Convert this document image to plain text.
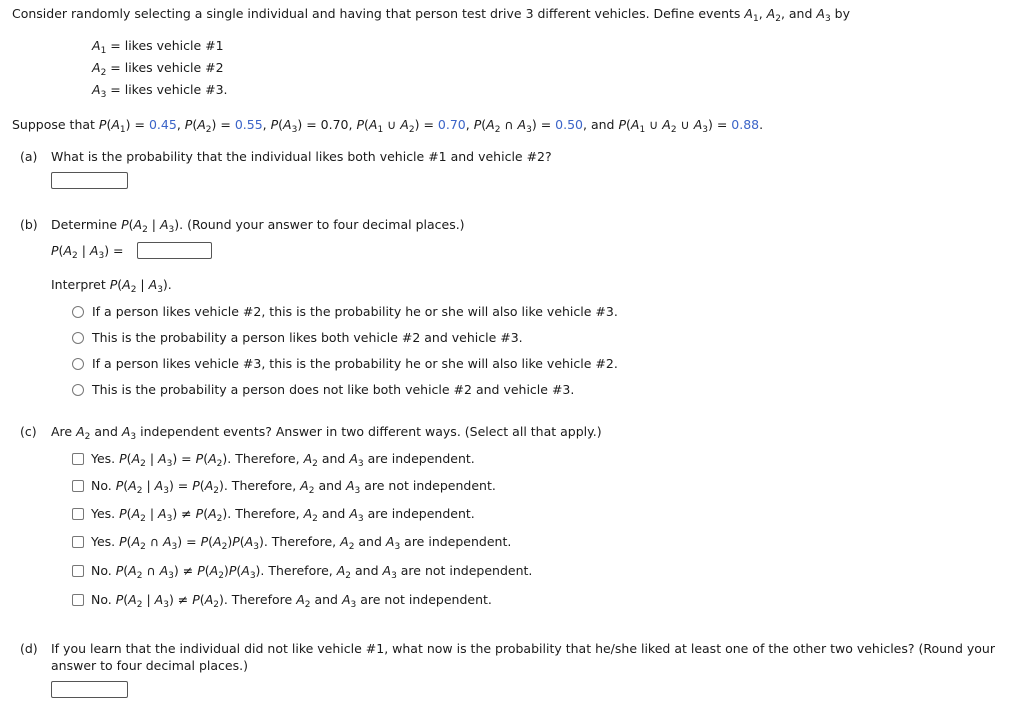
Consider randomly selecting a single individual and having that person test drive 3 different vehicles. Define events $A_1$, $A_2$, and $A_3$ by
$A_1$ = likes vehicle #1
$A_2$ = likes vehicle #2
$A_3$ = likes vehicle #3.
Suppose that $P(A_1) = 0.45$, $P(A_2) = 0.55$, $P(A_3) = 0.70$, $P(A_1$ ∪ $A_2) = 0.70$, $P(A_2$ ∩ $A_3) = 0.50$, and $P(A_1$ ∪ $A_2$ ∪ $A_3) = 0.88$.
(a) What is the probability that the individual likes both vehicle #1 and vehicle #2?
(b) Determine $P(A_2$ | $A_3$). (Round your answer to four decimal places.)
$P(A_2$ | $A_3$) =
Interpret $P(A_2$ | $A_3$).
If a person likes vehicle #2, this is the probability he or she will also like vehicle #3.
This is the probability a person likes both vehicle #2 and vehicle #3.
If a person likes vehicle #3, this is the probability he or she will also like vehicle #2.
This is the probability a person does not like both vehicle #2 and vehicle #3.
(c) Are $A_2$ and $A_3$ independent events? Answer in two different ways. (Select all that apply.)
Yes. $P(A_2$ | $A_3) = P(A_2)$. Therefore, $A_2$ and $A_3$ are independent.
No. $P(A_2$ | $A_3) = P(A_2)$. Therefore, $A_2$ and $A_3$ are not independent.
Yes. $P(A_2$ | $A_3) \ne P(A_2)$. Therefore, $A_2$ and $A_3$ are independent.
Yes. $P(A_2$ ∩ $A_3) = P(A_2)P(A_3)$. Therefore, $A_2$ and $A_3$ are independent.
No. $P(A_2$ ∩ $A_3) \ne P(A_2)P(A_3)$. Therefore, $A_2$ and $A_3$ are not independent.
No. $P(A_2$ | $A_3) \ne P(A_2)$. Therefore $A_2$ and $A_3$ are not independent.
(d) If you learn that the individual did not like vehicle #1, what now is the probability that he/she liked at least one of the other two vehicles? (Round your
answer to four decimal places.)
